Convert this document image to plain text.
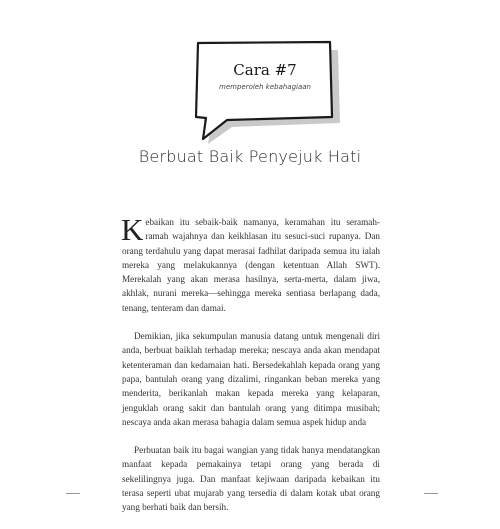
Cara #7
memperoleh kebahagiaan
Berbuat Baik Penyejuk Hati

Kebaikan itu sebaik-baik namanya, keramahan itu seramah-ramah wajahnya dan keikhlasan itu sesuci-suci rupanya. Dan orang terdahulu yang dapat merasai fadhilat daripada semua itu ialah mereka yang melakukannya (dengan ketentuan Allah SWT). Merekalah yang akan merasa hasilnya, serta-merta, dalam jiwa, akhlak, nurani mereka—sehingga mereka sentiasa berlapang dada, tenang, tenteram dan damai.

Demikian, jika sekumpulan manusia datang untuk mengenali diri anda, berbuat baiklah terhadap mereka; nescaya anda akan mendapat ketenteraman dan kedamaian hati. Bersedekahlah kepada orang yang papa, bantulah orang yang dizalimi, ringankan beban mereka yang menderita, berikanlah makan kepada mereka yang kelaparan, jenguklah orang sakit dan bantulah orang yang ditimpa musibah; nescaya anda akan merasa bahagia dalam semua aspek hidup anda

Perbuatan baik itu bagai wangian yang tidak hanya mendatangkan manfaat kepada pemakainya tetapi orang yang berada di sekelilingnya juga. Dan manfaat kejiwaan daripada kebaikan itu terasa seperti ubat mujarab yang tersedia di dalam kotak ubat orang yang berhati baik dan bersih.
